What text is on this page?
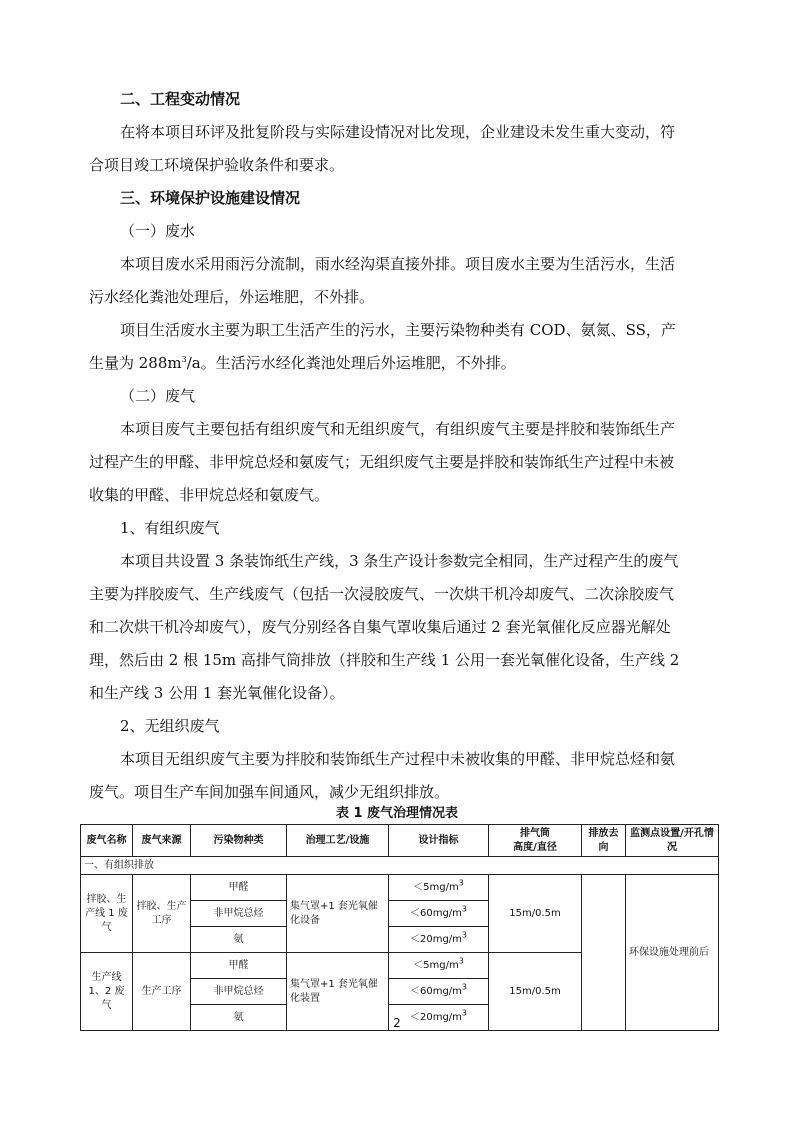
二、工程变动情况
在将本项目环评及批复阶段与实际建设情况对比发现，企业建设未发生重大变动，符
合项目竣工环境保护验收条件和要求。
三、环境保护设施建设情况
（一）废水
本项目废水采用雨污分流制，雨水经沟渠直接外排。项目废水主要为生活污水，生活
污水经化粪池处理后，外运堆肥，不外排。
项目生活废水主要为职工生活产生的污水，主要污染物种类有 COD、氨氮、SS，产
生量为 $288m^3/a$。生活污水经化粪池处理后外运堆肥，不外排。
（二）废气
本项目废气主要包括有组织废气和无组织废气，有组织废气主要是拌胶和装饰纸生产
过程产生的甲醛、非甲烷总烃和氨废气；无组织废气主要是拌胶和装饰纸生产过程中未被
收集的甲醛、非甲烷总烃和氨废气。
1、有组织废气
本项目共设置 3 条装饰纸生产线，3 条生产设计参数完全相同，生产过程产生的废气
主要为拌胶废气、生产线废气（包括一次浸胶废气、一次烘干机冷却废气、二次涂胶废气
和二次烘干机冷却废气），废气分别经各自集气罩收集后通过 2 套光氧催化反应器光解处
理，然后由 2 根 15m 高排气筒排放（拌胶和生产线 1 公用一套光氧催化设备，生产线 2
和生产线 3 公用 1 套光氧催化设备）。
2、无组织废气
本项目无组织废气主要为拌胶和装饰纸生产过程中未被收集的甲醛、非甲烷总烃和氨
废气。项目生产车间加强车间通风，减少无组织排放。
表 1 废气治理情况表
废气名称	废气来源	污染物种类	治理工艺/设施	设计指标	排气筒
高度/直径	排放去向	监测点设置/开孔情况
一、有组织排放							
拌胶、生产线 1 废气	拌胶、生产工序	甲醛	集气罩+1 套光氧催化设备	$<5mg/m^3$	15m/0.5m		环保设施处理前后
		非甲烷总烃		$<60mg/m^3$
		氨		$<20mg/m^3$
生产线 1、2 废气	生产工序	甲醛	集气罩+1 套光氧催化装置	$<5mg/m^3$	15m/0.5m		
		非甲烷总烃		$<60mg/m^3$
		氨		$<20mg/m^3$
2
